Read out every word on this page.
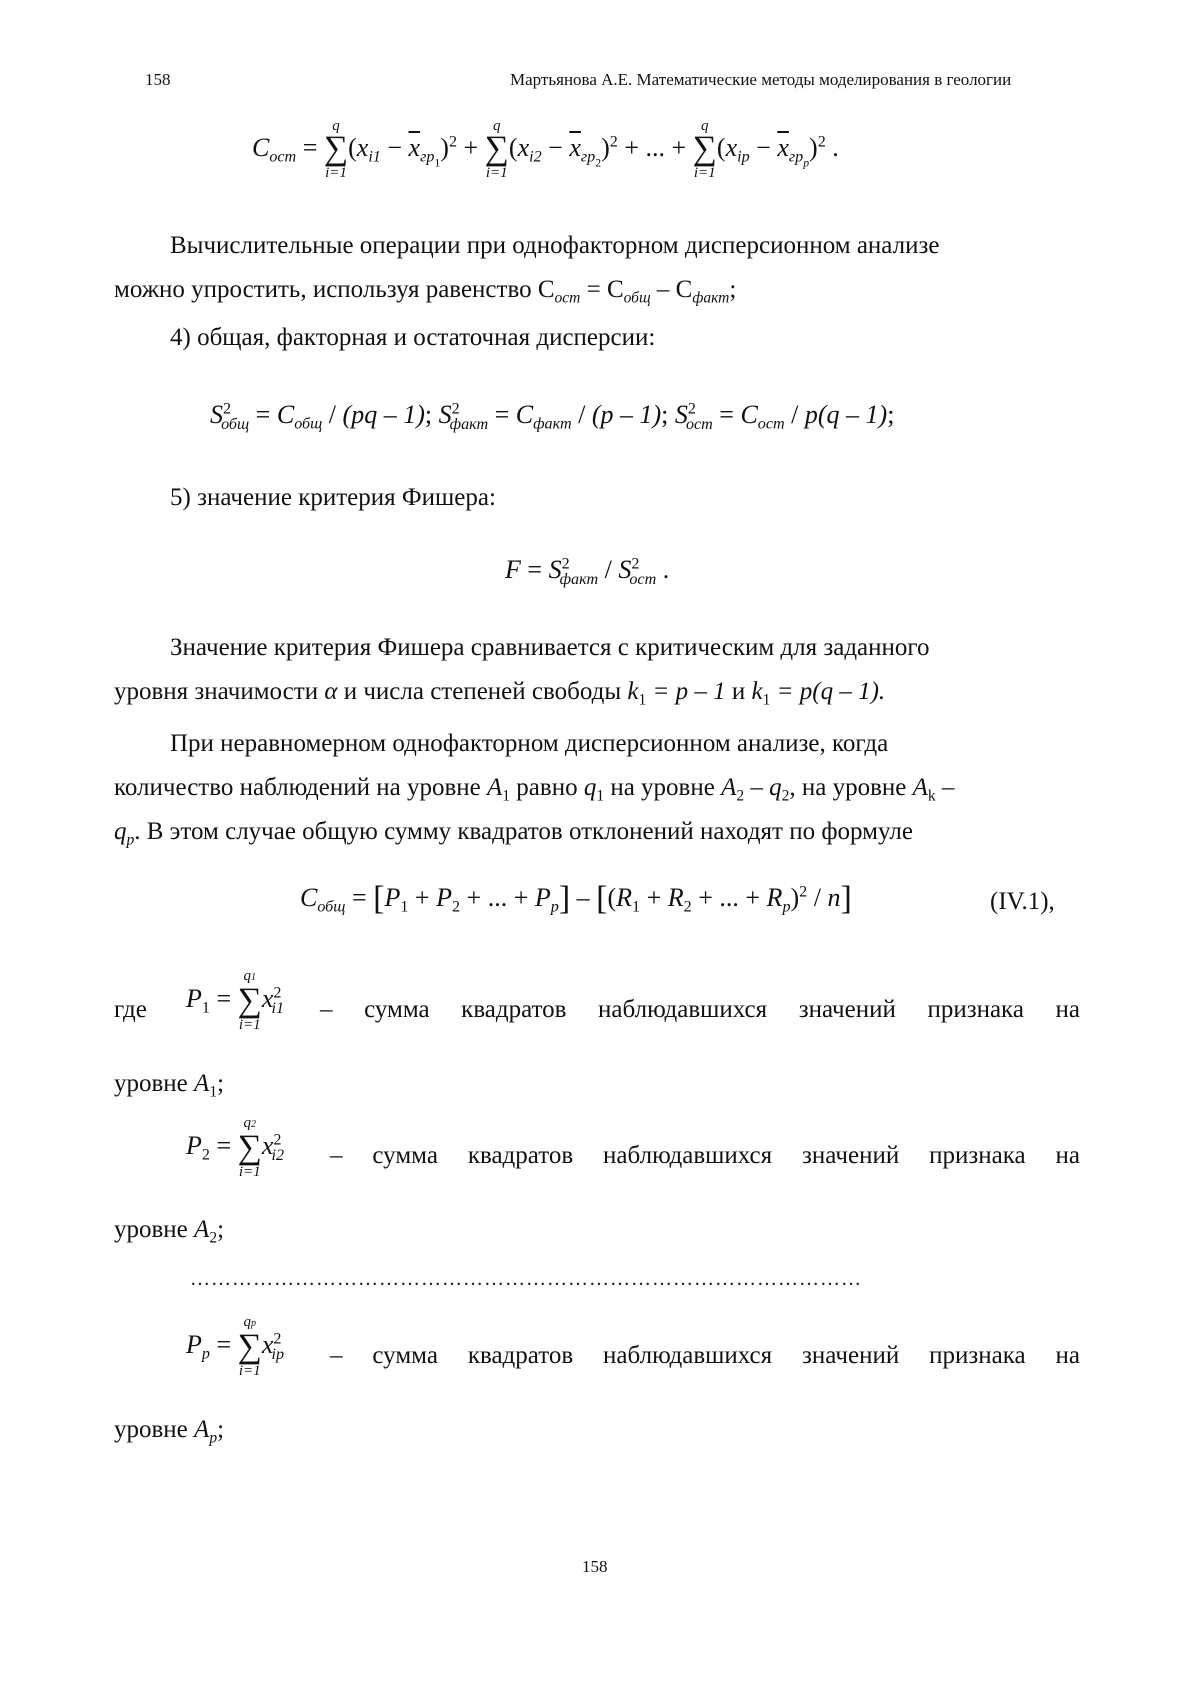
158	Мартьянова А.Е. Математические методы моделирования в геологии
$C_{ост}$ =
q
∑
i=1
$(x_{i1} - \overline{x}_{гр1})^2$ +
q
∑
i=1
$(x_{i2} - \overline{x}_{гр2})^2$ + ... +
q
∑
i=1
$(x_{ip} - \overline{x}_{грp})^2$ .
Вычислительные операции при однофакторном дисперсионном анализе
можно упростить, используя равенство $С_{ост} = С_{общ} - С_{факт}$;
4) общая, факторная и остаточная дисперсии:
$S^2_{общ} = C_{общ} / (pq - 1)$; $S^2_{факт} = C_{факт} / (p - 1)$; $S^2_{ост} = C_{ост} / p(q - 1)$;
5) значение критерия Фишера:
$F = S^2_{факт} / S^2_{ост}$ .
Значение критерия Фишера сравнивается с критическим для заданного
уровня значимости α и числа степеней свободы $k_1 = p - 1$ и $k_1 = p(q - 1)$.
При неравномерном однофакторном дисперсионном анализе, когда
количество наблюдений на уровне $A_1$ равно $q_1$ на уровне $A_2 - q_2$, на уровне $A_k$ –
$q_p$. В этом случае общую сумму квадратов отклонений находят по формуле
$C_{общ} = [P_1 + P_2$ + ... + $P_p] - [(R_1 + R_2$ + ... + $R_p)^2 / n$]	(IV.1),
где $P_1$ =
q1
∑
i=1
$x^2_{i1}$ – сумма квадратов наблюдавшихся значений признака на
уровне $A_1$;
$P_2$ =
q2
∑
i=1
$x^2_{i2}$ – сумма квадратов наблюдавшихся значений признака на
уровне $A_2$;
……………………………………………………………………………………
$P_p$ =
qp
∑
i=1
$x^2_{ip}$ – сумма квадратов наблюдавшихся значений признака на
уровне $A_p$;
158
